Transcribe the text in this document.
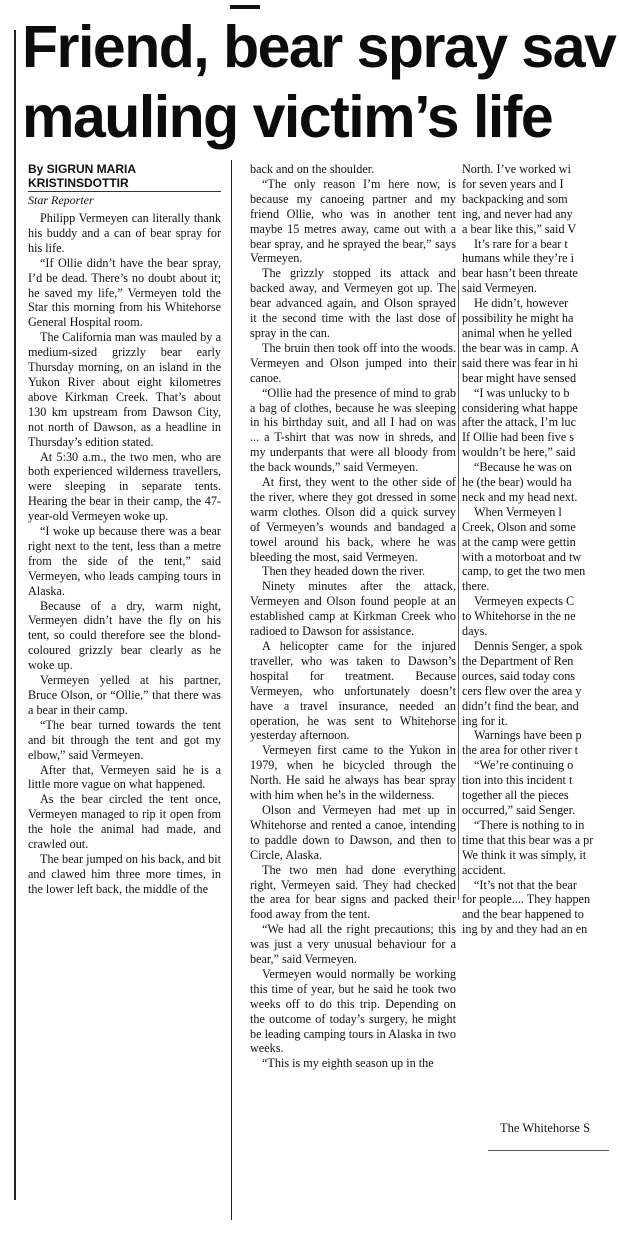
Friend, bear spray sav
mauling victim’s life

By SIGRUN MARIA
KRISTINSDOTTIR
Star Reporter

Philipp Vermeyen can literally thank his buddy and a can of bear spray for his life.

“If Ollie didn’t have the bear spray, I’d be dead. There’s no doubt about it; he saved my life,” Vermeyen told the Star this morning from his Whitehorse General Hospital room.

The California man was mauled by a medium-sized grizzly bear early Thursday morning, on an island in the Yukon River about eight kilometres above Kirkman Creek. That’s about 130 km upstream from Dawson City, not north of Dawson, as a headline in Thursday’s edition stated.

At 5:30 a.m., the two men, who are both experienced wilderness travellers, were sleeping in separate tents. Hearing the bear in their camp, the 47-year-old Vermeyen woke up.

“I woke up because there was a bear right next to the tent, less than a metre from the side of the tent,” said Vermeyen, who leads camping tours in Alaska.

Because of a dry, warm night, Vermeyen didn’t have the fly on his tent, so could therefore see the blond-coloured grizzly bear clearly as he woke up.

Vermeyen yelled at his partner, Bruce Olson, or “Ollie,” that there was a bear in their camp.

“The bear turned towards the tent and bit through the tent and got my elbow,” said Vermeyen.

After that, Vermeyen said he is a little more vague on what happened.

As the bear circled the tent once, Vermeyen managed to rip it open from the hole the animal had made, and crawled out.

The bear jumped on his back, and bit and clawed him three more times, in the lower left back, the middle of the

back and on the shoulder.

“The only reason I’m here now, is because my canoeing partner and my friend Ollie, who was in another tent maybe 15 metres away, came out with a bear spray, and he sprayed the bear,” says Vermeyen.

The grizzly stopped its attack and backed away, and Vermeyen got up. The bear advanced again, and Olson sprayed it the second time with the last dose of spray in the can.

The bruin then took off into the woods. Vermeyen and Olson jumped into their canoe.

“Ollie had the presence of mind to grab a bag of clothes, because he was sleeping in his birthday suit, and all I had on was ... a T-shirt that was now in shreds, and my underpants that were all bloody from the back wounds,” said Vermeyen.

At first, they went to the other side of the river, where they got dressed in some warm clothes. Olson did a quick survey of Vermeyen’s wounds and bandaged a towel around his back, where he was bleeding the most, said Vermeyen.

Then they headed down the river.

Ninety minutes after the attack, Vermeyen and Olson found people at an established camp at Kirkman Creek who radioed to Dawson for assistance.

A helicopter came for the injured traveller, who was taken to Dawson’s hospital for treatment. Because Vermeyen, who unfortunately doesn’t have a travel insurance, needed an operation, he was sent to Whitehorse yesterday afternoon.

Vermeyen first came to the Yukon in 1979, when he bicycled through the North. He said he always has bear spray with him when he’s in the wilderness.

Olson and Vermeyen had met up in Whitehorse and rented a canoe, intending to paddle down to Dawson, and then to Circle, Alaska.

The two men had done everything right, Vermeyen said. They had checked the area for bear signs and packed their food away from the tent.

“We had all the right precautions; this was just a very unusual behaviour for a bear,” said Vermeyen.

Vermeyen would normally be working this time of year, but he said he took two weeks off to do this trip. Depending on the outcome of today’s surgery, he might be leading camping tours in Alaska in two weeks.

“This is my eighth season up in the

North. I’ve worked wi

for seven years and I

backpacking and som

ing, and never had any

a bear like this,” said V

It’s rare for a bear t

humans while they’re i

bear hasn’t been threate

said Vermeyen.

He didn’t, however

possibility he might ha

animal when he yelled

the bear was in camp. A

said there was fear in hi

bear might have sensed

“I was unlucky to b

considering what happe

after the attack, I’m luc

If Ollie had been five s

wouldn’t be here,” said

“Because he was on

he (the bear) would ha

neck and my head next.

When Vermeyen l

Creek, Olson and some

at the camp were gettin

with a motorboat and tw

camp, to get the two men

there.

Vermeyen expects C

to Whitehorse in the ne

days.

Dennis Senger, a spok

the Department of Ren

ources, said today cons

cers flew over the area y

didn’t find the bear, and

ing for it.

Warnings have been p

the area for other river t

“We’re continuing o

tion into this incident t

together all the pieces

occurred,” said Senger.

“There is nothing to in

time that this bear was a pr

We think it was simply, it

accident.

“It’s not that the bear

for people.... They happen

and the bear happened to

ing by and they had an en

The Whitehorse S
